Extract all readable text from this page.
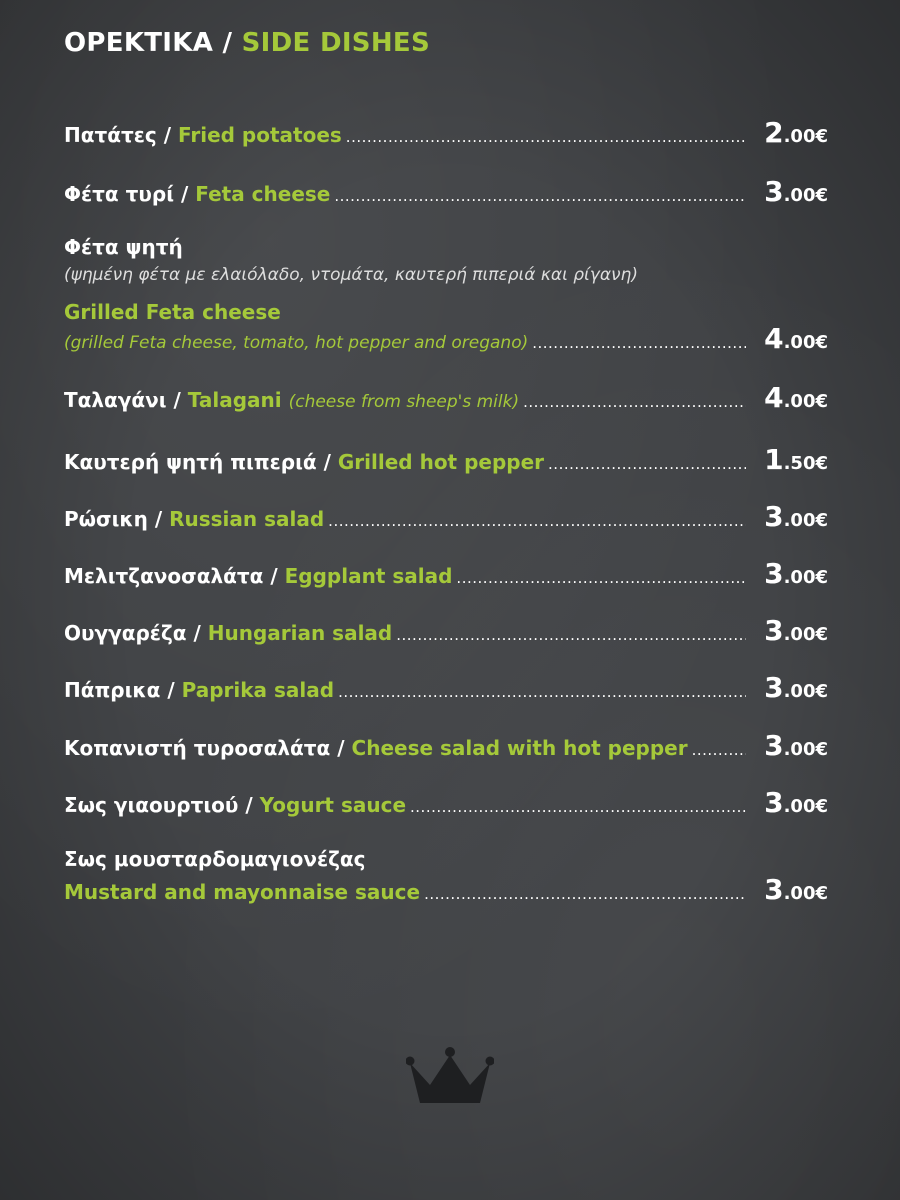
ΟΡΕΚΤΙΚΑ / SIDE DISHES
Πατάτες / Fried potatoes .....	2.00€
Φέτα τυρί / Feta cheese .....	3.00€
Φέτα ψητή
(ψημένη φέτα με ελαιόλαδο, ντομάτα, καυτερή πιπεριά και ρίγανη)
Grilled Feta cheese
(grilled Feta cheese, tomato, hot pepper and oregano) .....	4.00€
Ταλαγάνι / Talagani (cheese from sheep's milk) .....	4.00€
Καυτερή ψητή πιπεριά / Grilled hot pepper .....	1.50€
Ρώσικη / Russian salad .....	3.00€
Μελιτζανοσαλάτα / Eggplant salad .....	3.00€
Ουγγαρέζα / Hungarian salad .....	3.00€
Πάπρικα / Paprika salad .....	3.00€
Κοπανιστή τυροσαλάτα / Cheese salad with hot pepper .....	3.00€
Σως γιαουρτιού / Yogurt sauce .....	3.00€
Σως μουσταρδομαγιονέζας
Mustard and mayonnaise sauce .....	3.00€
